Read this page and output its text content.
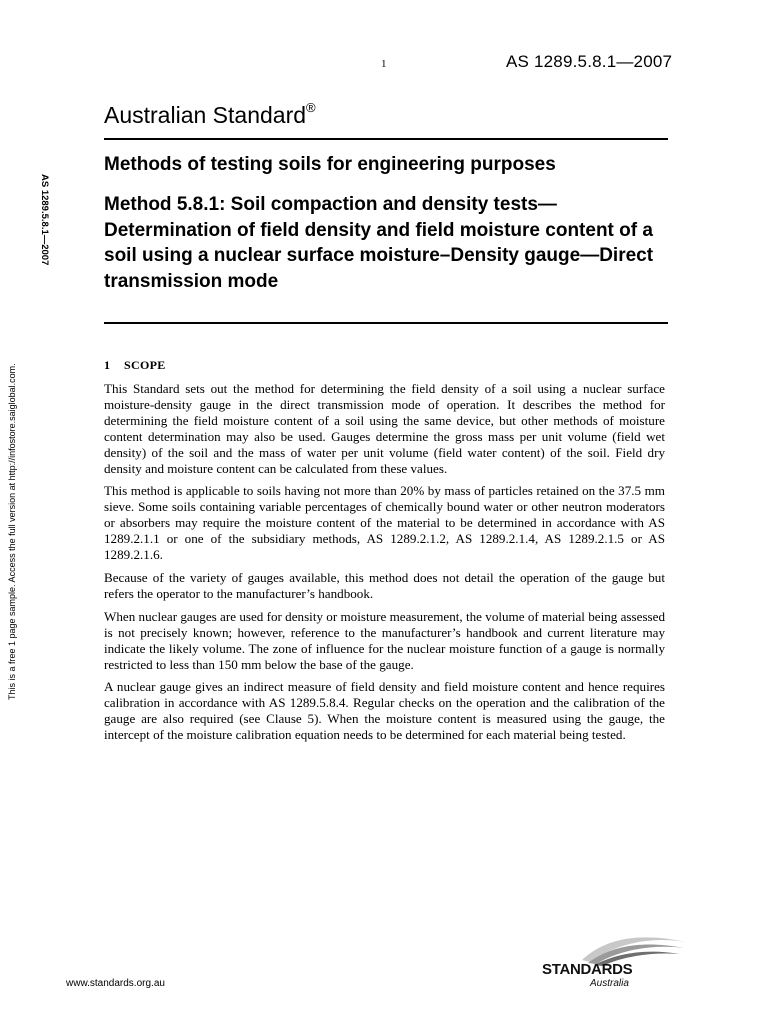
1	AS 1289.5.8.1—2007
Australian Standard®
Methods of testing soils for engineering purposes
Method 5.8.1: Soil compaction and density tests—Determination of field density and field moisture content of a soil using a nuclear surface moisture–Density gauge—Direct transmission mode
AS 1289.5.8.1—2007
This is a free 1 page sample. Access the full version at http://infostore.saiglobal.com.	1 SCOPE

This Standard sets out the method for determining the field density of a soil using a nuclear surface moisture-density gauge in the direct transmission mode of operation. It describes the method for determining the field moisture content of a soil using the same device, but other methods of moisture content determination may also be used. Gauges determine the gross mass per unit volume (field wet density) of the soil and the mass of water per unit volume (field water content) of the soil. Field dry density and moisture content can be calculated from these values.

This method is applicable to soils having not more than 20% by mass of particles retained on the 37.5 mm sieve. Some soils containing variable percentages of chemically bound water or other neutron moderators or absorbers may require the moisture content of the material to be determined in accordance with AS 1289.2.1.1 or one of the subsidiary methods, AS 1289.2.1.2, AS 1289.2.1.4, AS 1289.2.1.5 or AS 1289.2.1.6.

Because of the variety of gauges available, this method does not detail the operation of the gauge but refers the operator to the manufacturer’s handbook.

When nuclear gauges are used for density or moisture measurement, the volume of material being assessed is not precisely known; however, reference to the manufacturer’s handbook and current literature may indicate the likely volume. The zone of influence for the nuclear moisture function of a gauge is normally restricted to less than 150 mm below the base of the gauge.

A nuclear gauge gives an indirect measure of field density and field moisture content and hence requires calibration in accordance with AS 1289.5.8.4. Regular checks on the operation and the calibration of the gauge are also required (see Clause 5). When the moisture content is measured using the gauge, the intercept of the moisture calibration equation needs to be determined for each material being tested.

www.standards.org.au
STANDARDS
Australia
